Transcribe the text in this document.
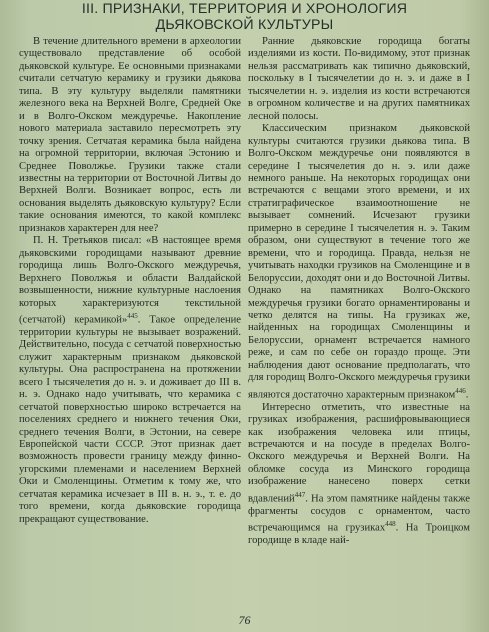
III. ПРИЗНАКИ, ТЕРРИТОРИЯ И ХРОНОЛОГИЯ
ДЬЯКОВСКОЙ КУЛЬТУРЫ

В течение длительного времени в археологии существовало представление об особой дьяковской культуре. Ее основными признаками считали сетчатую керамику и грузики дьякова типа. В эту культуру выделяли памятники железного века на Верхней Волге, Средней Оке и в Волго-Окском междуречье. Накопление нового материала заставило пересмотреть эту точку зрения. Сетчатая керамика была найдена на огромной территории, включая Эстонию и Среднее Поволжье. Грузики также стали известны на территории от Восточной Литвы до Верхней Волги. Возникает вопрос, есть ли основания выделять дьяковскую культуру? Если такие основания имеются, то какой комплекс признаков характерен для нее?

П. Н. Третьяков писал: «В настоящее время дьяковскими городищами называют древние городища лишь Волго-Окского междуречья, Верхнего Поволжья и области Валдайской возвышенности, нижние культурные наслоения которых характеризуются текстильной (сетчатой) керамикой»$^{445}$. Такое определение территории культуры не вызывает возражений. Действительно, посуда с сетчатой поверхностью служит характерным признаком дьяковской культуры. Она распространена на протяжении всего I тысячелетия до н. э. и доживает до III в. н. э. Однако надо учитывать, что керамика с сетчатой поверхностью широко встречается на поселениях среднего и нижнего течения Оки, среднего течения Волги, в Эстонии, на севере Европейской части СССР. Этот признак дает возможность провести границу между финно-угорскими племенами и населением Верхней Оки и Смоленщины. Отметим к тому же, что сетчатая керамика исчезает в III в. н. э., т. е. до того времени, когда дьяковские городища прекращают существование.

Ранние дьяковские городища богаты изделиями из кости. По-видимому, этот признак нельзя рассматривать как типично дьяковский, поскольку в I тысячелетии до н. э. и даже в I тысячелетии н. э. изделия из кости встречаются в огромном количестве и на других памятниках лесной полосы.

Классическим признаком дьяковской культуры считаются грузики дьякова типа. В Волго-Окском междуречье они появляются в середине I тысячелетия до н. э. или даже немного раньше. На некоторых городищах они встречаются с вещами этого времени, и их стратиграфическое взаимоотношение не вызывает сомнений. Исчезают грузики примерно в середине I тысячелетия н. э. Таким образом, они существуют в течение того же времени, что и городища. Правда, нельзя не учитывать находки грузиков на Смоленщине и в Белоруссии, доходят они и до Восточной Литвы. Однако на памятниках Волго-Окского междуречья грузики богато орнаментированы и четко делятся на типы. На грузиках же, найденных на городищах Смоленщины и Белоруссии, орнамент встречается намного реже, и сам по себе он гораздо проще. Эти наблюдения дают основание предполагать, что для городищ Волго-Окского междуречья грузики являются достаточно характерным признаком$^{446}$.

Интересно отметить, что известные на грузиках изображения, расшифровывающиеся как изображения человека или птицы, встречаются и на посуде в пределах Волго-Окского междуречья и Верхней Волги. На обломке сосуда из Минского городища изображение нанесено поверх сетки вдавлений$^{447}$. На этом памятнике найдены также фрагменты сосудов с орнаментом, часто встречающимся на грузиках$^{448}$. На Троицком городище в кладе най-

76
